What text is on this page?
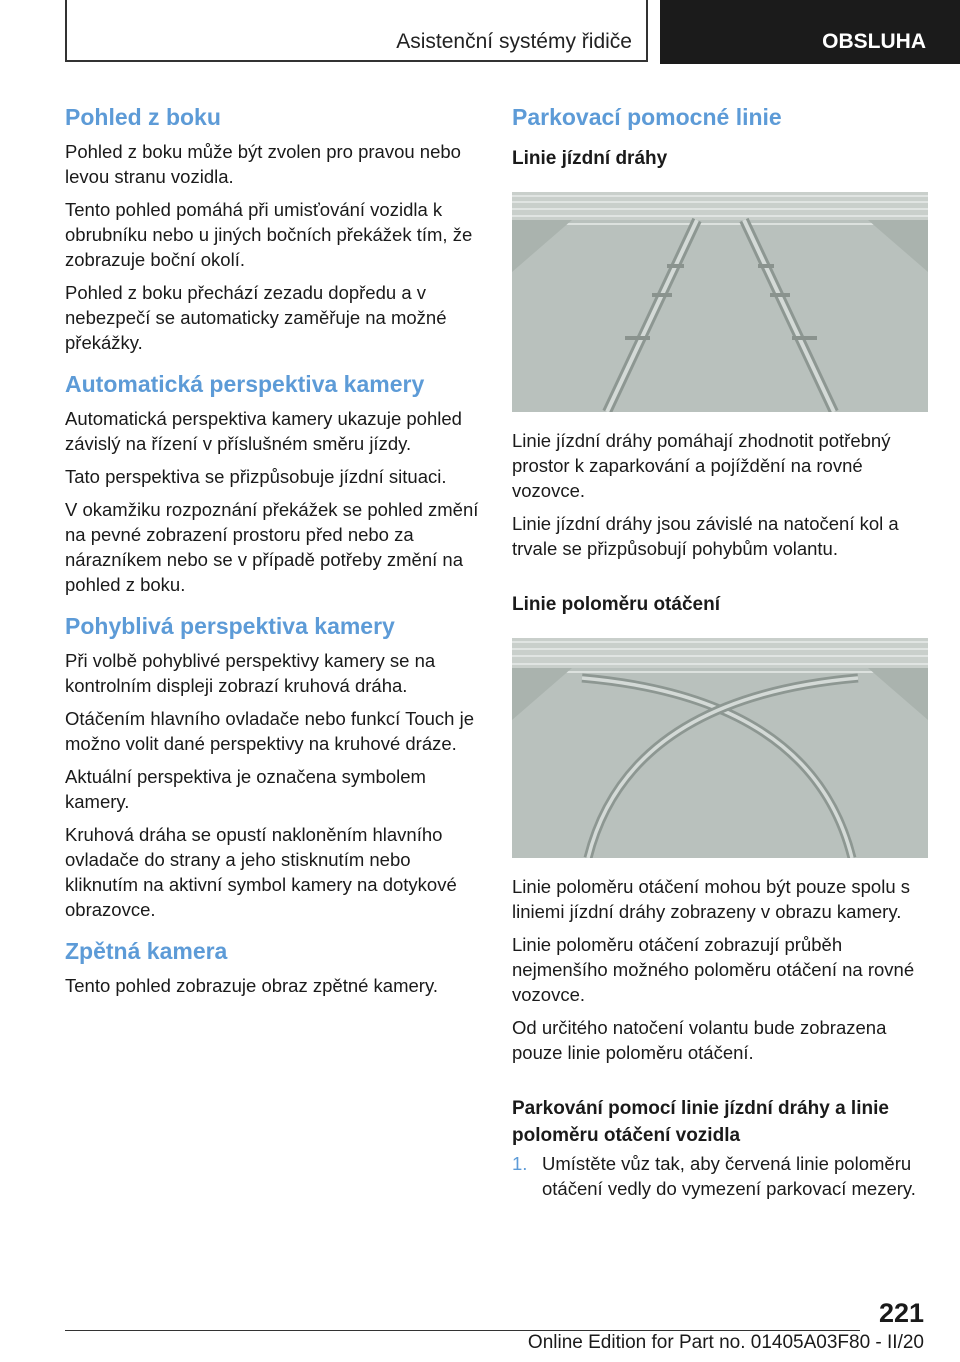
Asistenční systémy řidiče	OBSLUHA
Pohled z boku

Pohled z boku může být zvolen pro pravou nebo levou stranu vozidla.

Tento pohled pomáhá při umisťování vozidla k obrubníku nebo u jiných bočních překážek tím, že zobrazuje boční okolí.

Pohled z boku přechází zezadu dopředu a v nebezpečí se automaticky zaměřuje na možné překážky.

Automatická perspektiva kamery

Automatická perspektiva kamery ukazuje pohled závislý na řízení v příslušném směru jízdy.

Tato perspektiva se přizpůsobuje jízdní situaci.

V okamžiku rozpoznání překážek se pohled změní na pevné zobrazení prostoru před nebo za nárazníkem nebo se v případě potřeby změní na pohled z boku.

Pohyblivá perspektiva kamery

Při volbě pohyblivé perspektivy kamery se na kontrolním displeji zobrazí kruhová dráha.

Otáčením hlavního ovladače nebo funkcí Touch je možno volit dané perspektivy na kruhové dráze.

Aktuální perspektiva je označena symbolem kamery.

Kruhová dráha se opustí nakloněním hlavního ovladače do strany a jeho stisknutím nebo kliknutím na aktivní symbol kamery na dotykové obrazovce.

Zpětná kamera

Tento pohled zobrazuje obraz zpětné kamery.

Parkovací pomocné linie
Linie jízdní dráhy

Linie jízdní dráhy pomáhají zhodnotit potřebný prostor k zaparkování a pojíždění na rovné vozovce.

Linie jízdní dráhy jsou závislé na natočení kol a trvale se přizpůsobují pohybům volantu.

Linie poloměru otáčení

Linie poloměru otáčení mohou být pouze spolu s liniemi jízdní dráhy zobrazeny v obrazu kamery.

Linie poloměru otáčení zobrazují průběh nejmenšího možného poloměru otáčení na rovné vozovce.

Od určitého natočení volantu bude zobrazena pouze linie poloměru otáčení.

Parkování pomocí linie jízdní dráhy a linie poloměru otáčení vozidla
1. Umístěte vůz tak, aby červená linie poloměru otáčení vedly do vymezení parkovací mezery.
221
Online Edition for Part no. 01405A03F80 - II/20
